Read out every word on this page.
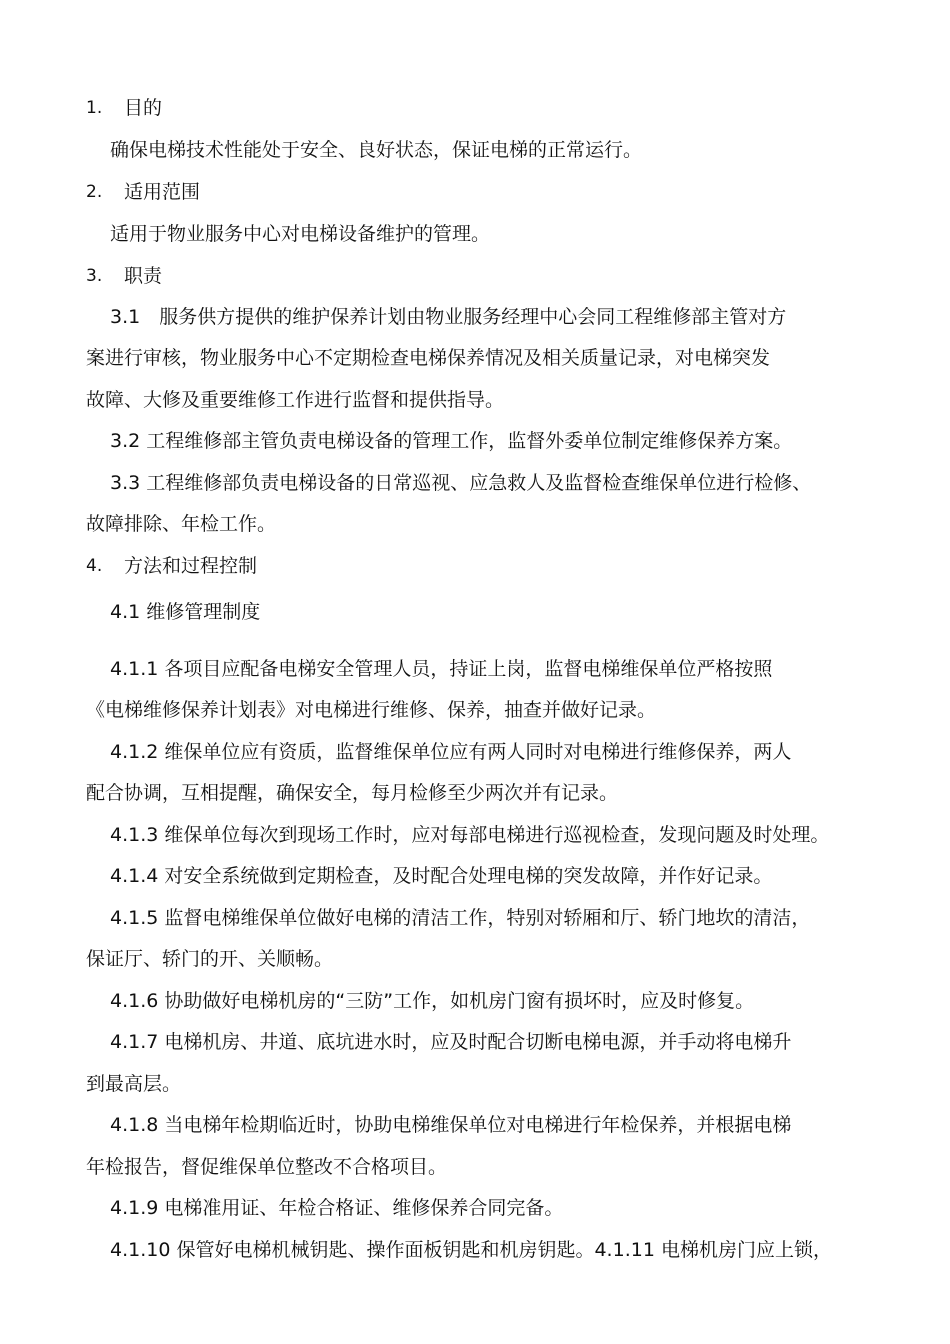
1. 目的
确保电梯技术性能处于安全、良好状态，保证电梯的正常运行。
2. 适用范围
适用于物业服务中心对电梯设备维护的管理。
3. 职责
3.1　服务供方提供的维护保养计划由物业服务经理中心会同工程维修部主管对方
案进行审核，物业服务中心不定期检查电梯保养情况及相关质量记录，对电梯突发
故障、大修及重要维修工作进行监督和提供指导。
3.2 工程维修部主管负责电梯设备的管理工作，监督外委单位制定维修保养方案。
3.3 工程维修部负责电梯设备的日常巡视、应急救人及监督检查维保单位进行检修、
故障排除、年检工作。
4. 方法和过程控制
4.1 维修管理制度
4.1.1 各项目应配备电梯安全管理人员，持证上岗，监督电梯维保单位严格按照
《电梯维修保养计划表》对电梯进行维修、保养，抽查并做好记录。
4.1.2 维保单位应有资质，监督维保单位应有两人同时对电梯进行维修保养，两人
配合协调，互相提醒，确保安全，每月检修至少两次并有记录。
4.1.3 维保单位每次到现场工作时，应对每部电梯进行巡视检查，发现问题及时处理。
4.1.4 对安全系统做到定期检查，及时配合处理电梯的突发故障，并作好记录。
4.1.5 监督电梯维保单位做好电梯的清洁工作，特别对轿厢和厅、轿门地坎的清洁，
保证厅、轿门的开、关顺畅。
4.1.6 协助做好电梯机房的“三防”工作，如机房门窗有损坏时，应及时修复。
4.1.7 电梯机房、井道、底坑进水时，应及时配合切断电梯电源，并手动将电梯升
到最高层。
4.1.8 当电梯年检期临近时，协助电梯维保单位对电梯进行年检保养，并根据电梯
年检报告，督促维保单位整改不合格项目。
4.1.9 电梯准用证、年检合格证、维修保养合同完备。
4.1.10 保管好电梯机械钥匙、操作面板钥匙和机房钥匙。4.1.11 电梯机房门应上锁，
